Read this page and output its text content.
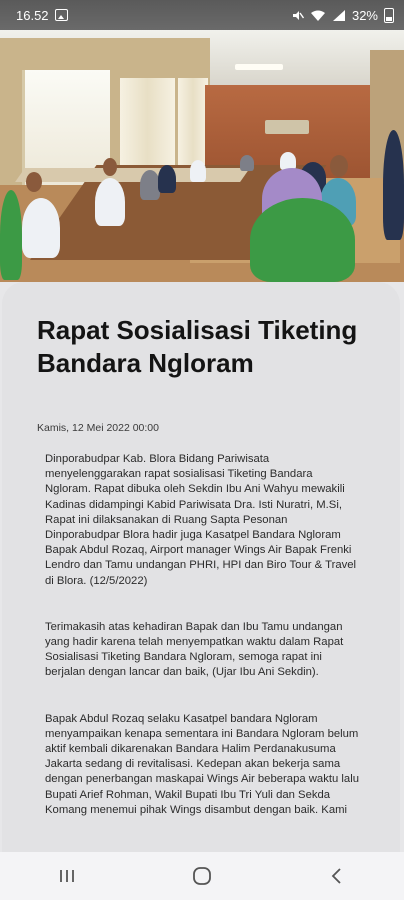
16.52	32%
Rapat Sosialisasi Tiketing Bandara Ngloram
Kamis, 12 Mei 2022 00:00

Dinporabudpar Kab. Blora Bidang Pariwisata menyelenggarakan rapat sosialisasi Tiketing Bandara Ngloram. Rapat dibuka oleh Sekdin Ibu Ani Wahyu mewakili Kadinas didampingi Kabid Pariwisata Dra. Isti Nuratri, M.Si, Rapat ini dilaksanakan di Ruang Sapta Pesonan Dinporabudpar Blora hadir juga Kasatpel Bandara Ngloram Bapak Abdul Rozaq, Airport manager Wings Air Bapak Frenki Lendro dan Tamu undangan PHRI, HPI dan Biro Tour & Travel di Blora. (12/5/2022)

Terimakasih atas kehadiran Bapak dan Ibu Tamu undangan yang hadir karena telah menyempatkan waktu dalam Rapat Sosialisasi Tiketing Bandara Ngloram, semoga rapat ini berjalan dengan lancar dan baik, (Ujar Ibu Ani Sekdin).

Bapak Abdul Rozaq selaku Kasatpel bandara Ngloram menyampaikan kenapa sementara ini Bandara Ngloram belum aktif kembali dikarenakan Bandara Halim Perdanakusuma Jakarta sedang di revitalisasi. Kedepan akan bekerja sama dengan penerbangan maskapai Wings Air beberapa waktu lalu Bupati Arief Rohman, Wakil Bupati Ibu Tri Yuli dan Sekda Komang menemui pihak Wings disambut dengan baik. Kami
